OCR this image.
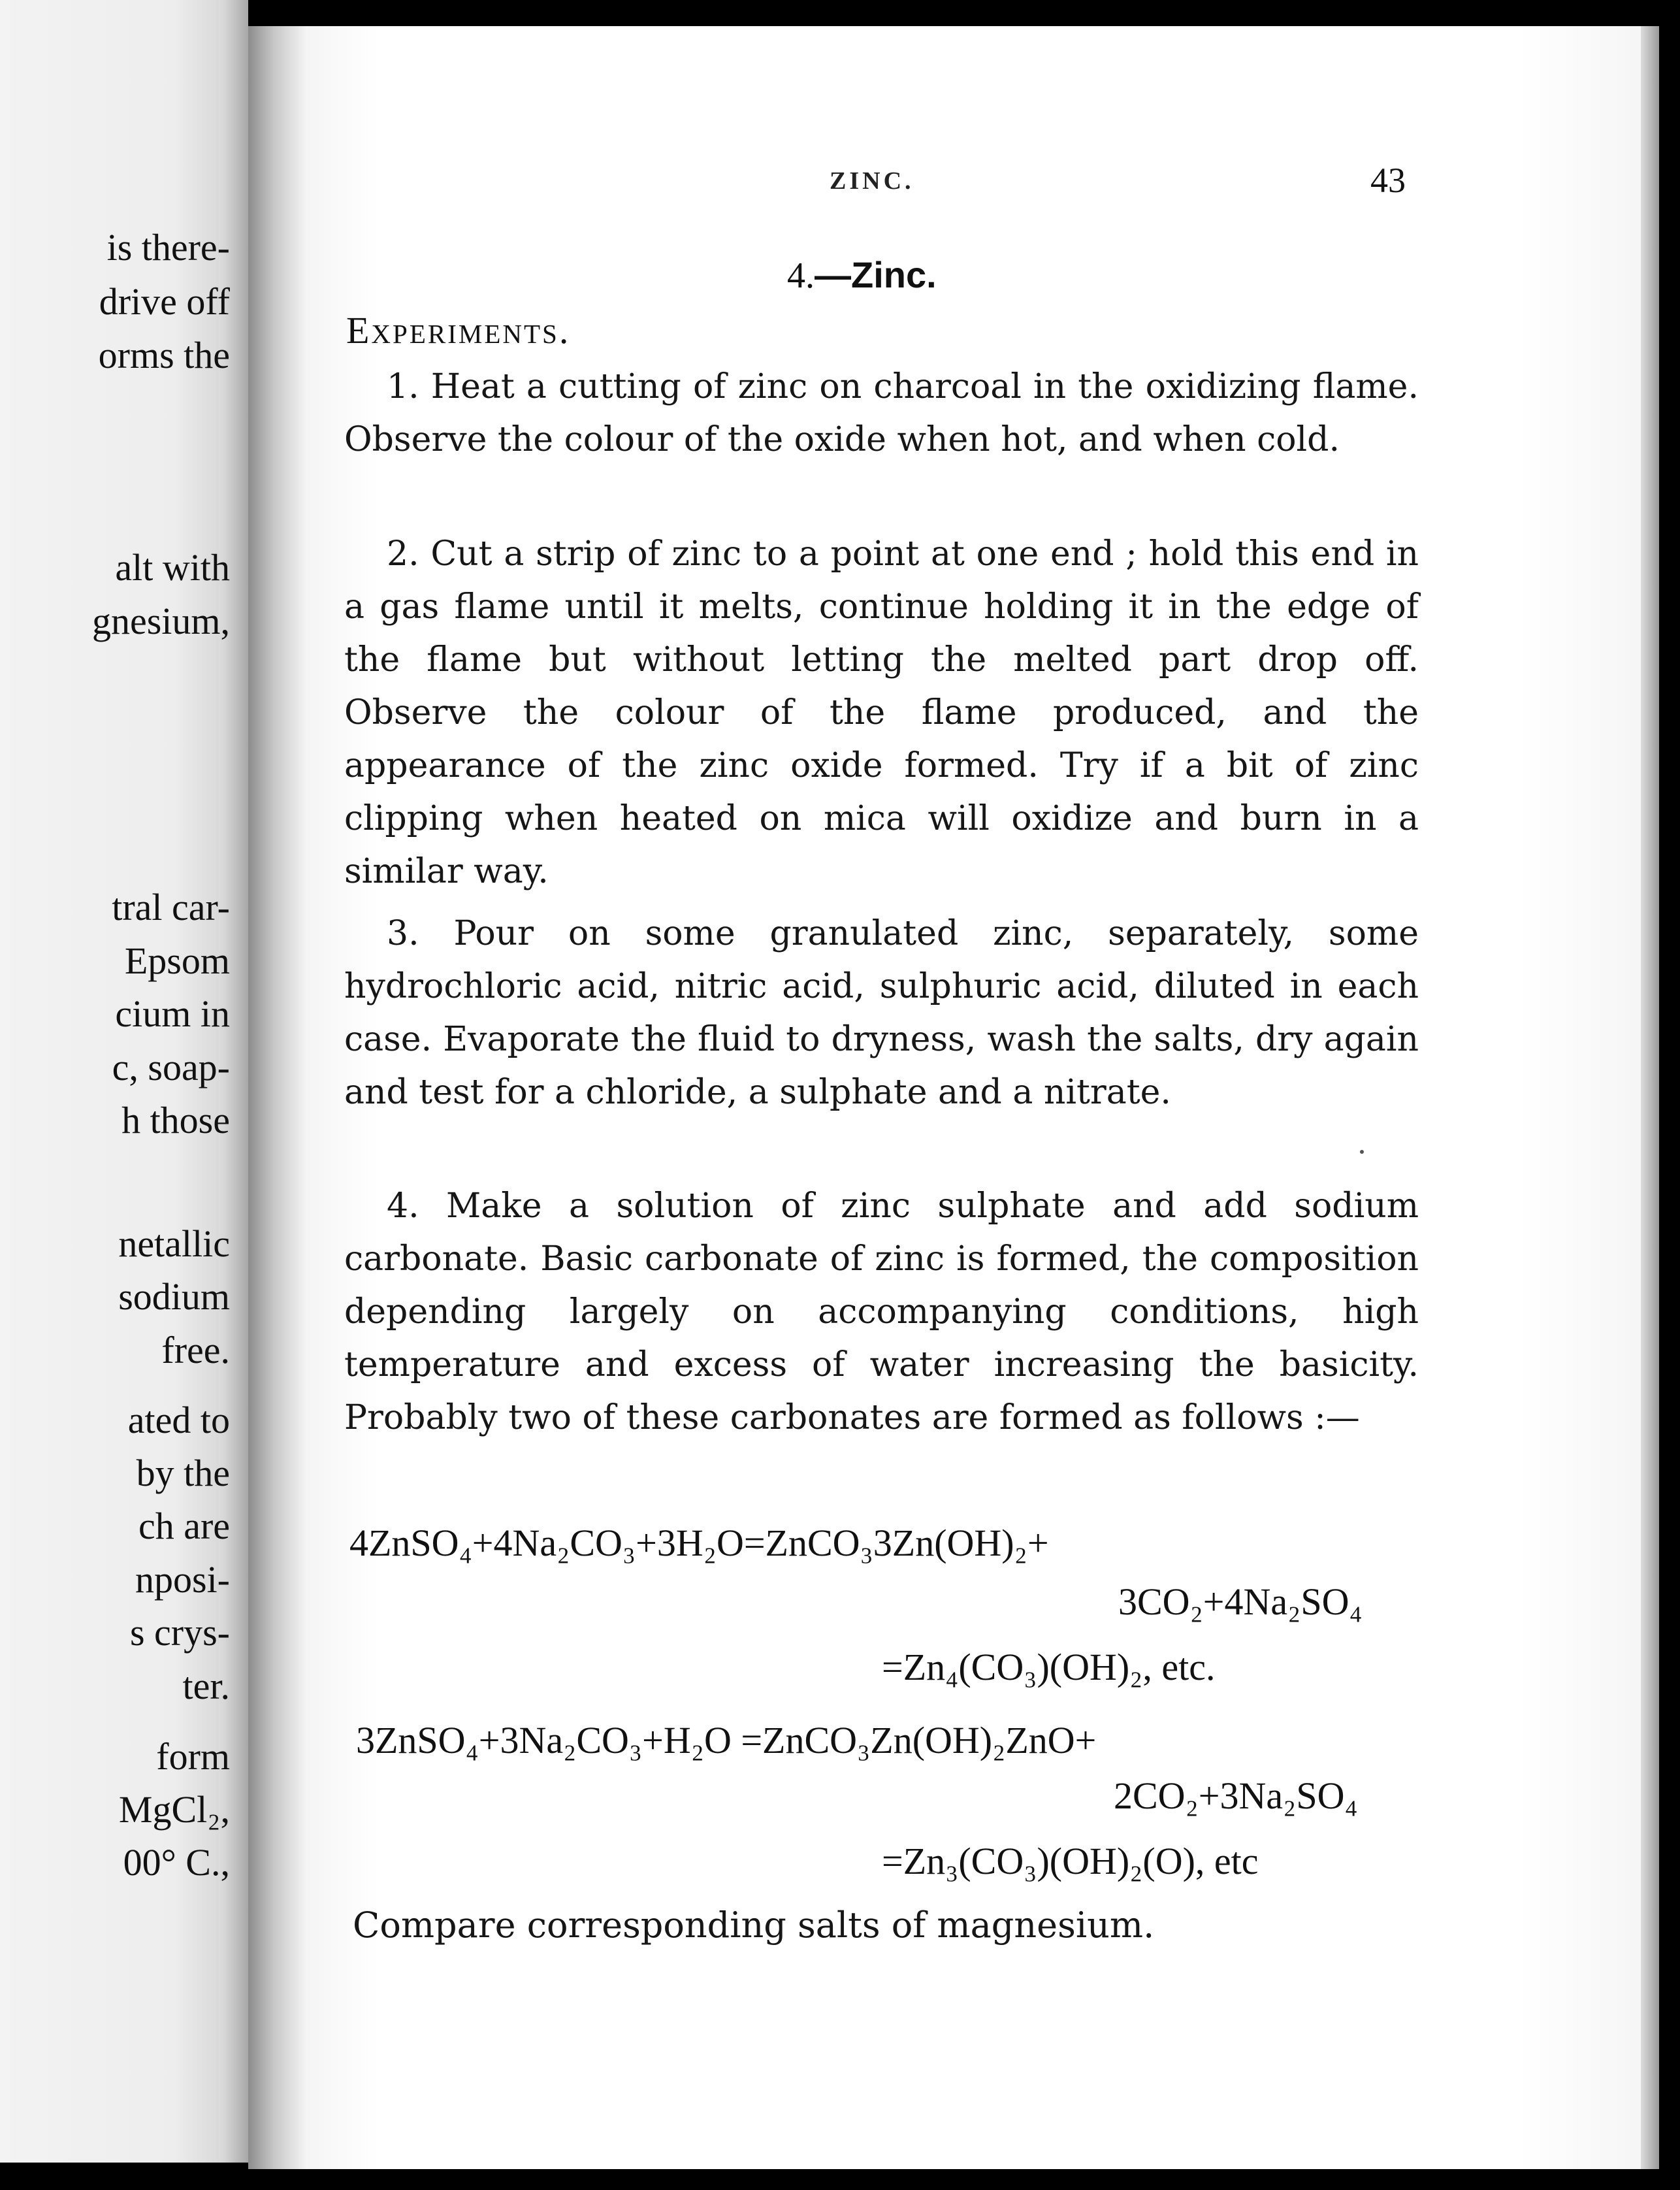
is there-
drive off
orms the
alt with
gnesium,
tral car-
Epsom
cium in
c, soap-
h those
netallic
sodium
free.
ated to
by the
ch are
nposi-
s crys-
ter.
form
MgCl₂,
00° C.,
ZINC.	43
4.—Zinc.
Experiments.

1. Heat a cutting of zinc on charcoal in the oxidizing flame. Observe the colour of the oxide when hot, and when cold.

2. Cut a strip of zinc to a point at one end ; hold this end in a gas flame until it melts, continue holding it in the edge of the flame but without letting the melted part drop off. Observe the colour of the flame produced, and the appearance of the zinc oxide formed. Try if a bit of zinc clipping when heated on mica will oxidize and burn in a similar way.

3. Pour on some granulated zinc, separately, some hydrochloric acid, nitric acid, sulphuric acid, diluted in each case. Evaporate the fluid to dryness, wash the salts, dry again and test for a chloride, a sulphate and a nitrate.

4. Make a solution of zinc sulphate and add sodium carbonate. Basic carbonate of zinc is formed, the composition depending largely on accompanying conditions, high temperature and excess of water increasing the basicity. Probably two of these carbonates are formed as follows :—

4ZnSO₄+4Na₂CO₃+3H₂O=ZnCO₃3Zn(OH)₂+
3CO₂+4Na₂SO₄
=Zn₄(CO₃)(OH)₂, etc.
3ZnSO₄+3Na₂CO₃+H₂O =ZnCO₃Zn(OH)₂ZnO+
2CO₂+3Na₂SO₄
=Zn₃(CO₃)(OH)₂(O), etc
Compare corresponding salts of magnesium.
